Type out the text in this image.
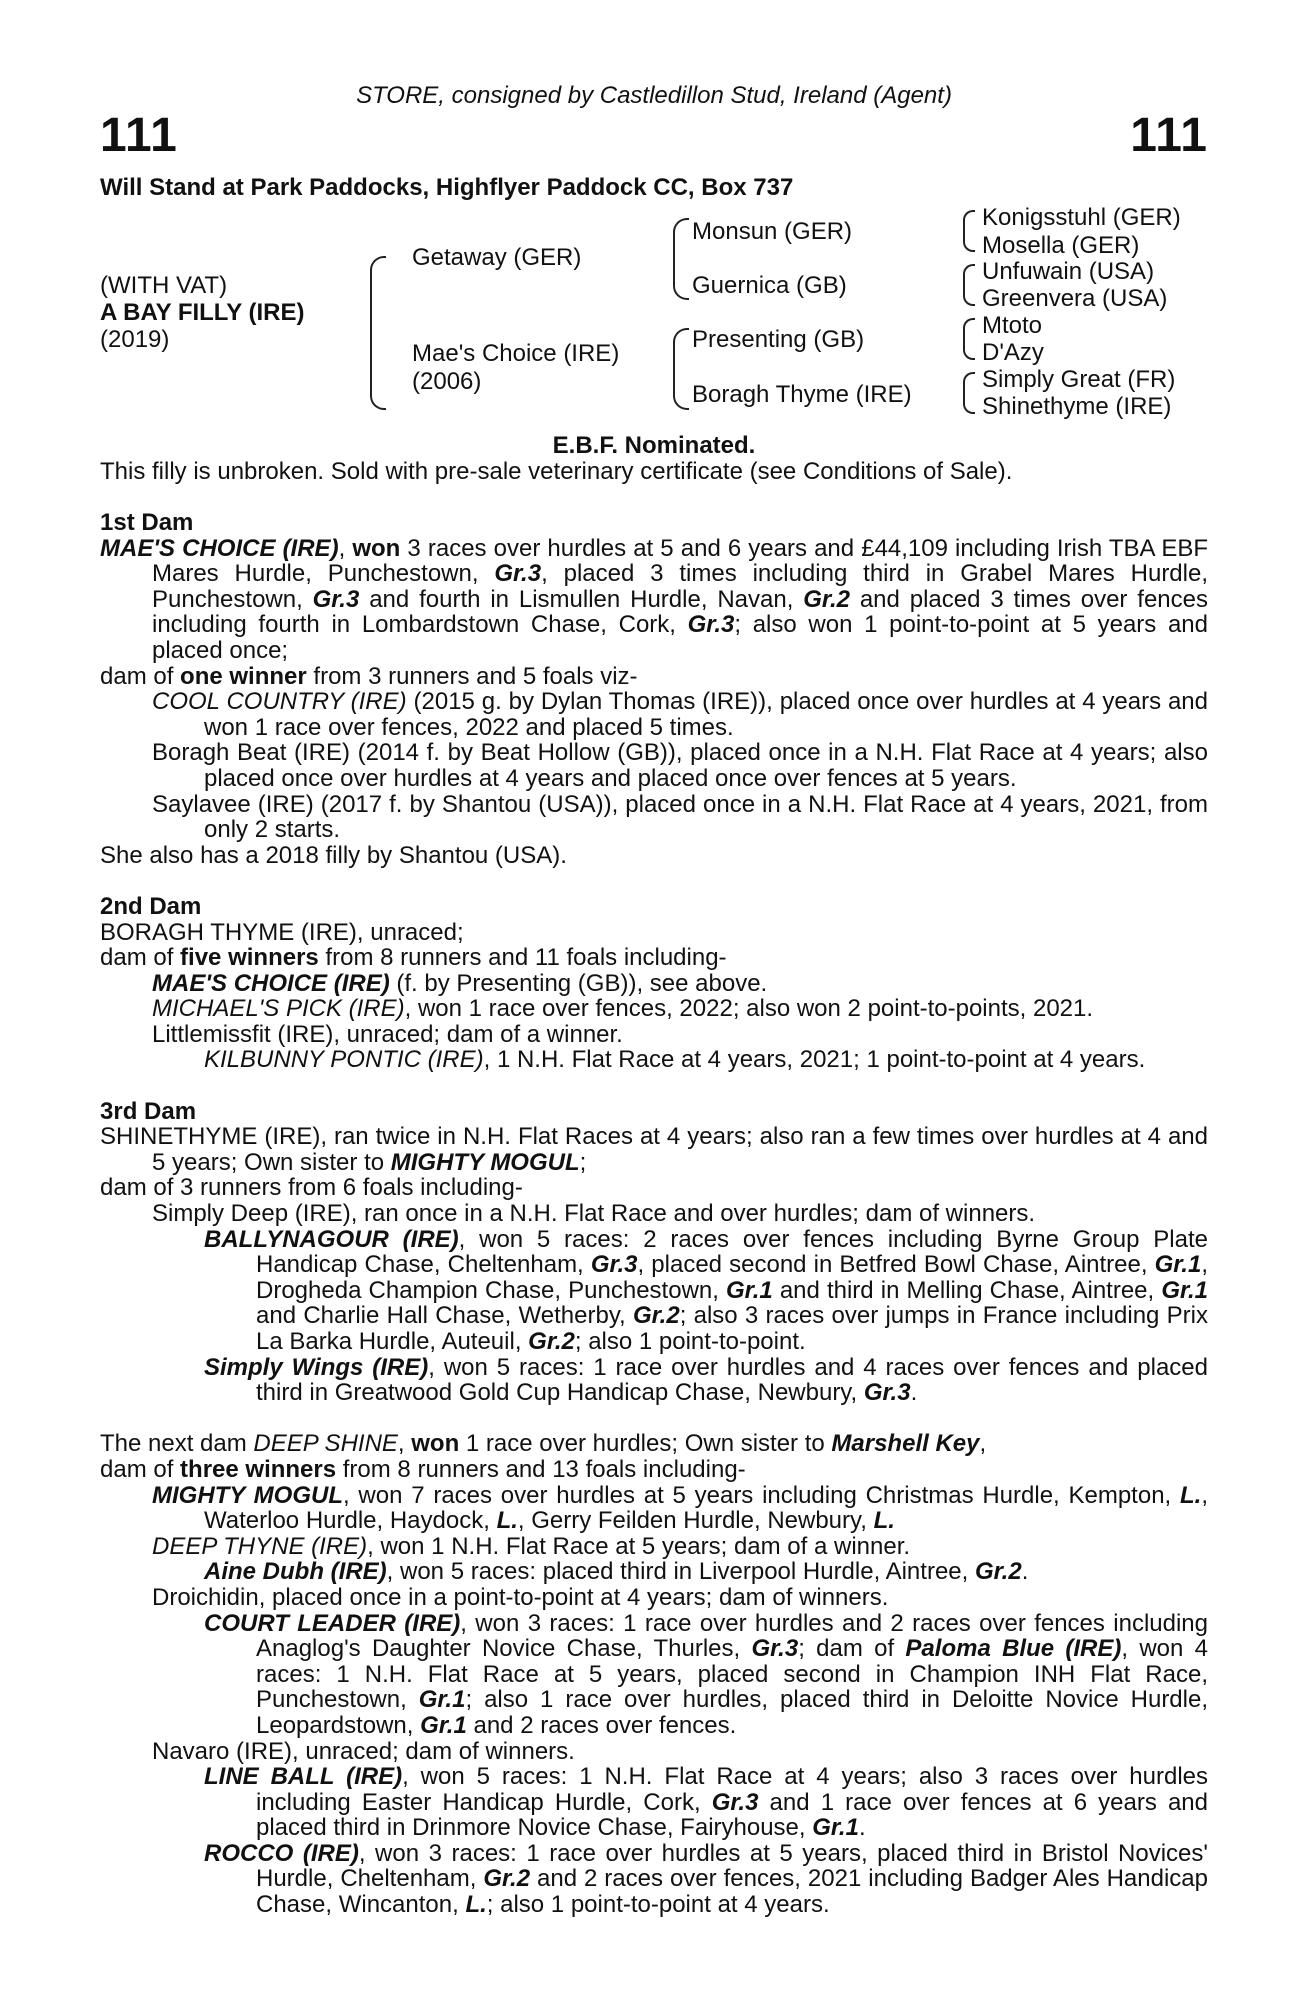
STORE, consigned by Castledillon Stud, Ireland (Agent)
111	111
Will Stand at Park Paddocks, Highflyer Paddock CC, Box 737
(WITH VAT)
A BAY FILLY (IRE)
(2019)
Getaway (GER)
Mae's Choice (IRE)
(2006)
Monsun (GER)
Guernica (GB)
Presenting (GB)
Boragh Thyme (IRE)
Konigsstuhl (GER)
Mosella (GER)
Unfuwain (USA)
Greenvera (USA)
Mtoto
D'Azy
Simply Great (FR)
Shinethyme (IRE)
E.B.F. Nominated.
This filly is unbroken. Sold with pre-sale veterinary certificate (see Conditions of Sale).

1st Dam

MAE'S CHOICE (IRE), won 3 races over hurdles at 5 and 6 years and £44,109 including Irish TBA EBF Mares Hurdle, Punchestown, Gr.3, placed 3 times including third in Grabel Mares Hurdle, Punchestown, Gr.3 and fourth in Lismullen Hurdle, Navan, Gr.2 and placed 3 times over fences including fourth in Lombardstown Chase, Cork, Gr.3; also won 1 point-to-point at 5 years and placed once;

dam of one winner from 3 runners and 5 foals viz-

COOL COUNTRY (IRE) (2015 g. by Dylan Thomas (IRE)), placed once over hurdles at 4 years and won 1 race over fences, 2022 and placed 5 times.

Boragh Beat (IRE) (2014 f. by Beat Hollow (GB)), placed once in a N.H. Flat Race at 4 years; also placed once over hurdles at 4 years and placed once over fences at 5 years.

Saylavee (IRE) (2017 f. by Shantou (USA)), placed once in a N.H. Flat Race at 4 years, 2021, from only 2 starts.

She also has a 2018 filly by Shantou (USA).

2nd Dam

BORAGH THYME (IRE), unraced;

dam of five winners from 8 runners and 11 foals including-

MAE'S CHOICE (IRE) (f. by Presenting (GB)), see above.

MICHAEL'S PICK (IRE), won 1 race over fences, 2022; also won 2 point-to-points, 2021.

Littlemissfit (IRE), unraced; dam of a winner.

KILBUNNY PONTIC (IRE), 1 N.H. Flat Race at 4 years, 2021; 1 point-to-point at 4 years.

3rd Dam

SHINETHYME (IRE), ran twice in N.H. Flat Races at 4 years; also ran a few times over hurdles at 4 and 5 years; Own sister to MIGHTY MOGUL;

dam of 3 runners from 6 foals including-

Simply Deep (IRE), ran once in a N.H. Flat Race and over hurdles; dam of winners.

BALLYNAGOUR (IRE), won 5 races: 2 races over fences including Byrne Group Plate Handicap Chase, Cheltenham, Gr.3, placed second in Betfred Bowl Chase, Aintree, Gr.1, Drogheda Champion Chase, Punchestown, Gr.1 and third in Melling Chase, Aintree, Gr.1 and Charlie Hall Chase, Wetherby, Gr.2; also 3 races over jumps in France including Prix La Barka Hurdle, Auteuil, Gr.2; also 1 point-to-point.

Simply Wings (IRE), won 5 races: 1 race over hurdles and 4 races over fences and placed third in Greatwood Gold Cup Handicap Chase, Newbury, Gr.3.

The next dam DEEP SHINE, won 1 race over hurdles; Own sister to Marshell Key,

dam of three winners from 8 runners and 13 foals including-

MIGHTY MOGUL, won 7 races over hurdles at 5 years including Christmas Hurdle, Kempton, L., Waterloo Hurdle, Haydock, L., Gerry Feilden Hurdle, Newbury, L.

DEEP THYNE (IRE), won 1 N.H. Flat Race at 5 years; dam of a winner.

Aine Dubh (IRE), won 5 races: placed third in Liverpool Hurdle, Aintree, Gr.2.

Droichidin, placed once in a point-to-point at 4 years; dam of winners.

COURT LEADER (IRE), won 3 races: 1 race over hurdles and 2 races over fences including Anaglog's Daughter Novice Chase, Thurles, Gr.3; dam of Paloma Blue (IRE), won 4 races: 1 N.H. Flat Race at 5 years, placed second in Champion INH Flat Race, Punchestown, Gr.1; also 1 race over hurdles, placed third in Deloitte Novice Hurdle, Leopardstown, Gr.1 and 2 races over fences.

Navaro (IRE), unraced; dam of winners.

LINE BALL (IRE), won 5 races: 1 N.H. Flat Race at 4 years; also 3 races over hurdles including Easter Handicap Hurdle, Cork, Gr.3 and 1 race over fences at 6 years and placed third in Drinmore Novice Chase, Fairyhouse, Gr.1.

ROCCO (IRE), won 3 races: 1 race over hurdles at 5 years, placed third in Bristol Novices' Hurdle, Cheltenham, Gr.2 and 2 races over fences, 2021 including Badger Ales Handicap Chase, Wincanton, L.; also 1 point-to-point at 4 years.
